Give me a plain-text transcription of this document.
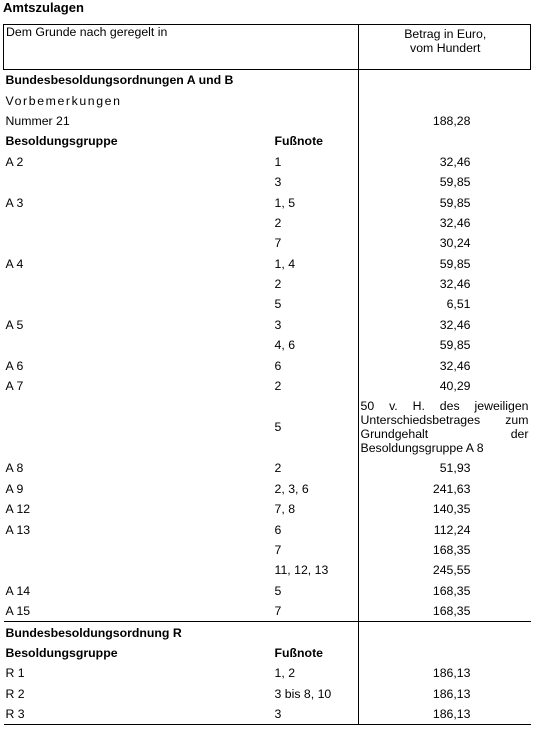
Amtszulagen
Dem Grunde nach geregelt in		Betrag in Euro,
vom Hundert

Bundesbesoldungsordnungen A und B		
Vorbemerkungen		
Nummer 21		188,28
Besoldungsgruppe	Fußnote	
A 2	1	32,46
	3	59,85
A 3	1, 5	59,85
	2	32,46
	7	30,24
A 4	1, 4	59,85
	2	32,46
	5	6,51
A 5	3	32,46
	4, 6	59,85
A 6	6	32,46
A 7	2	40,29
	5	50 v. H. des jeweiligen Unterschiedsbetrages zum Grundgehalt der Besoldungsgruppe A 8
A 8	2	51,93
A 9	2, 3, 6	241,63
A 12	7, 8	140,35
A 13	6	112,24
	7	168,35
	11, 12, 13	245,55
A 14	5	168,35
A 15	7	168,35
Bundesbesoldungsordnung R		
Besoldungsgruppe	Fußnote	
R 1	1, 2	186,13
R 2	3 bis 8, 10	186,13
R 3	3	186,13
